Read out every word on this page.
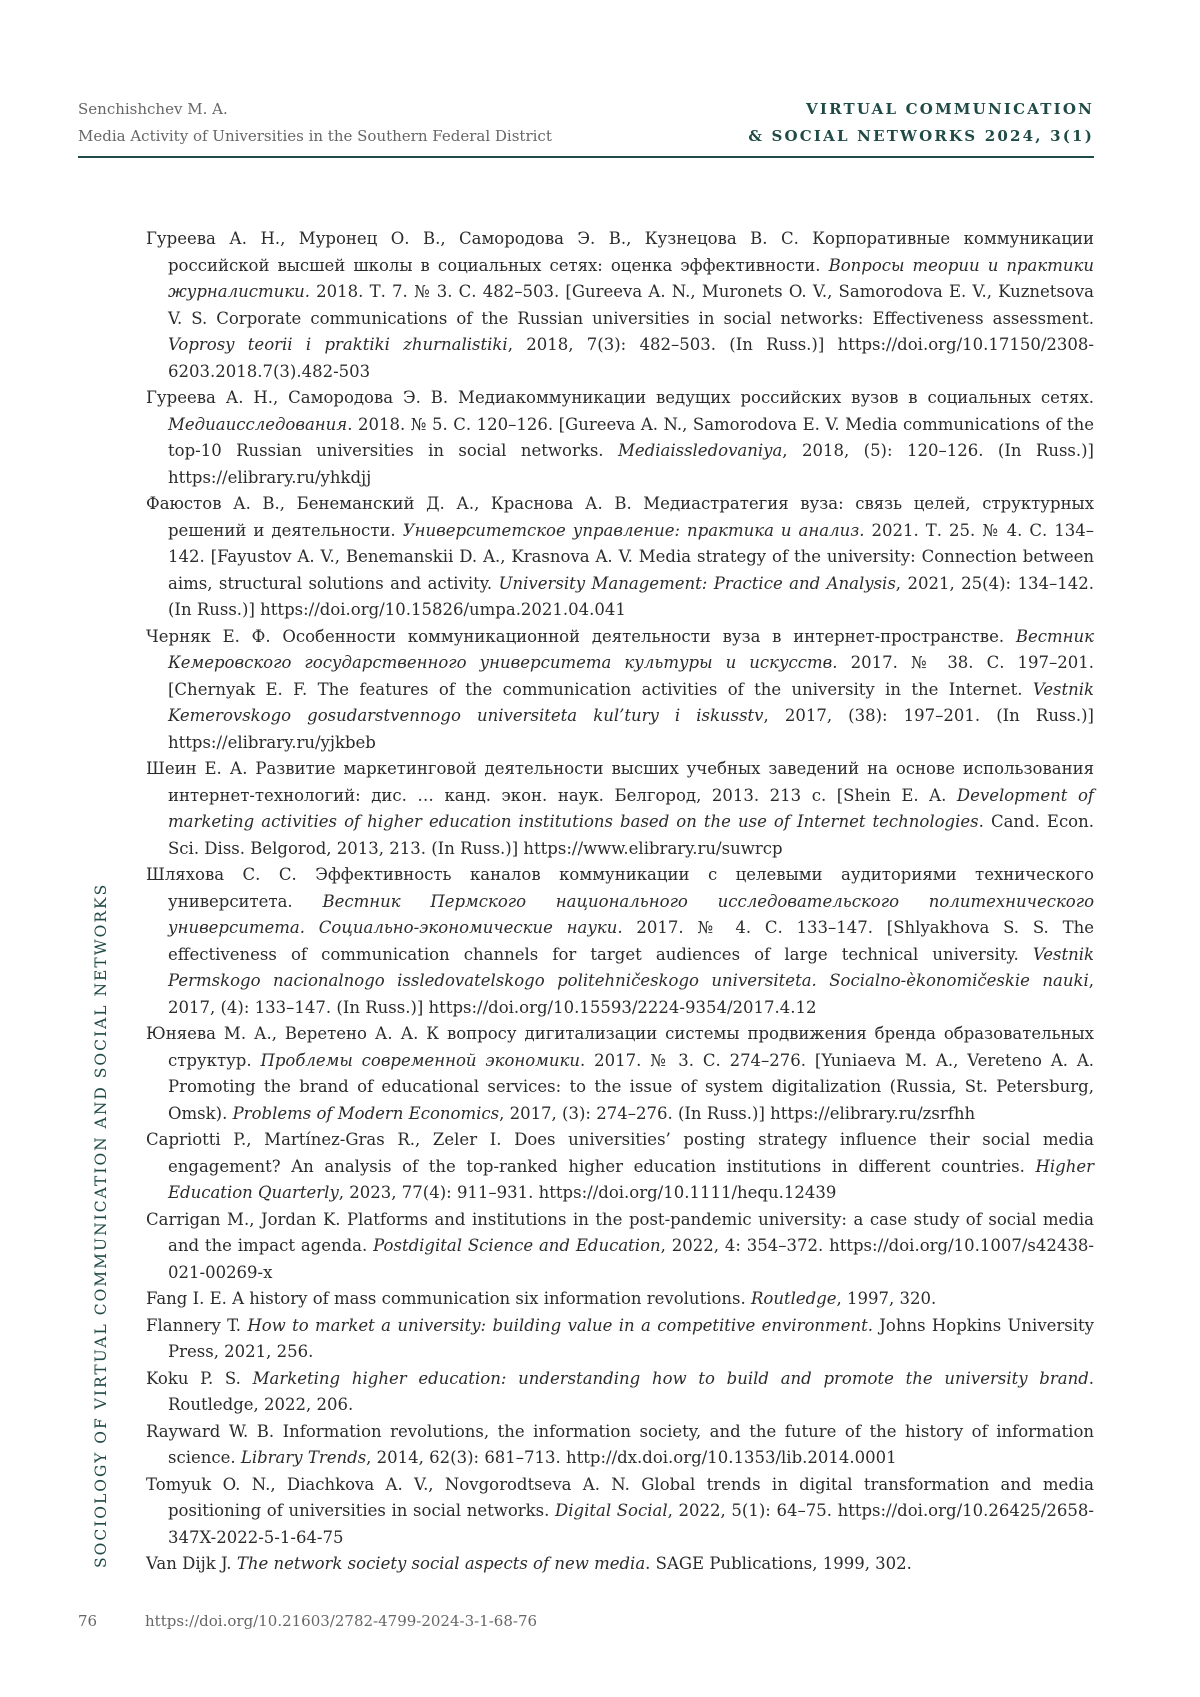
Senchishchev M. A.
Media Activity of Universities in the Southern Federal District
VIRTUAL COMMUNICATION
& SOCIAL NETWORKS 2024, 3(1)
SOCIOLOGY OF VIRTUAL COMMUNICATION AND SOCIAL NETWORKS

Гуреева А. Н., Муронец О. В., Самородова Э. В., Кузнецова В. С. Корпоративные коммуникации российской высшей школы в социальных сетях: оценка эффективности. Вопросы теории и практики журналистики. 2018. Т. 7. № 3. С. 482–503. [Gureeva A. N., Muronets O. V., Samorodova E. V., Kuznetsova V. S. Corporate communications of the Russian universities in social networks: Effectiveness assessment. Voprosy teorii i praktiki zhurnalistiki, 2018, 7(3): 482–503. (In Russ.)] https://doi.org/10.17150/2308-6203.2018.7(3).482-503

Гуреева А. Н., Самородова Э. В. Медиакоммуникации ведущих российских вузов в социальных сетях. Медиаисследования. 2018. № 5. С. 120–126. [Gureeva A. N., Samorodova E. V. Media communications of the top-10 Russian universities in social networks. Mediaissledovaniya, 2018, (5): 120–126. (In Russ.)] https://elibrary.ru/yhkdjj

Фаюстов А. В., Бенеманский Д. А., Краснова А. В. Медиастратегия вуза: связь целей, структурных решений и деятельности. Университетское управление: практика и анализ. 2021. Т. 25. № 4. С. 134–142. [Fayustov A. V., Benemanskii D. A., Krasnova A. V. Media strategy of the university: Connection between aims, structural solutions and activity. University Management: Practice and Analysis, 2021, 25(4): 134–142. (In Russ.)] https://doi.org/10.15826/umpa.2021.04.041

Черняк Е. Ф. Особенности коммуникационной деятельности вуза в интернет-пространстве. Вестник Кемеровского государственного университета культуры и искусств. 2017. № 38. С. 197–201. [Chernyak E. F. The features of the communication activities of the university in the Internet. Vestnik Kemerovskogo gosudarstvennogo universiteta kul’tury i iskusstv, 2017, (38): 197–201. (In Russ.)] https://elibrary.ru/yjkbeb

Шеин Е. А. Развитие маркетинговой деятельности высших учебных заведений на основе использования интернет-технологий: дис. … канд. экон. наук. Белгород, 2013. 213 с. [Shein E. A. Development of marketing activities of higher education institutions based on the use of Internet technologies. Cand. Econ. Sci. Diss. Belgorod, 2013, 213. (In Russ.)] https://www.elibrary.ru/suwrcp

Шляхова С. С. Эффективность каналов коммуникации с целевыми аудиториями технического университета. Вестник Пермского национального исследовательского политехнического университета. Социально-экономические науки. 2017. № 4. С. 133–147. [Shlyakhova S. S. The effectiveness of communication channels for target audiences of large technical university. Vestnik Permskogo nacionalnogo issledovatelskogo politehničeskogo universiteta. Socialno-èkonomičeskie nauki, 2017, (4): 133–147. (In Russ.)] https://doi.org/10.15593/2224-9354/2017.4.12

Юняева М. А., Веретено А. А. К вопросу дигитализации системы продвижения бренда образовательных структур. Проблемы современной экономики. 2017. № 3. С. 274–276. [Yuniaeva M. A., Vereteno A. A. Promoting the brand of educational services: to the issue of system digitalization (Russia, St. Petersburg, Omsk). Problems of Modern Economics, 2017, (3): 274–276. (In Russ.)] https://elibrary.ru/zsrfhh

Capriotti P., Martínez-Gras R., Zeler I. Does universities’ posting strategy influence their social media engagement? An analysis of the top-ranked higher education institutions in different countries. Higher Education Quarterly, 2023, 77(4): 911–931. https://doi.org/10.1111/hequ.12439

Carrigan M., Jordan K. Platforms and institutions in the post-pandemic university: a case study of social media and the impact agenda. Postdigital Science and Education, 2022, 4: 354–372. https://doi.org/10.1007/s42438-021-00269-x

Fang I. E. A history of mass communication six information revolutions. Routledge, 1997, 320.

Flannery T. How to market a university: building value in a competitive environment. Johns Hopkins University Press, 2021, 256.

Koku P. S. Marketing higher education: understanding how to build and promote the university brand. Routledge, 2022, 206.

Rayward W. B. Information revolutions, the information society, and the future of the history of information science. Library Trends, 2014, 62(3): 681–713. http://dx.doi.org/10.1353/lib.2014.0001

Tomyuk O. N., Diachkova A. V., Novgorodtseva A. N. Global trends in digital transformation and media positioning of universities in social networks. Digital Social, 2022, 5(1): 64–75. https://doi.org/10.26425/2658-347X-2022-5-1-64-75

Van Dijk J. The network society social aspects of new media. SAGE Publications, 1999, 302.

76	https://doi.org/10.21603/2782-4799-2024-3-1-68-76
